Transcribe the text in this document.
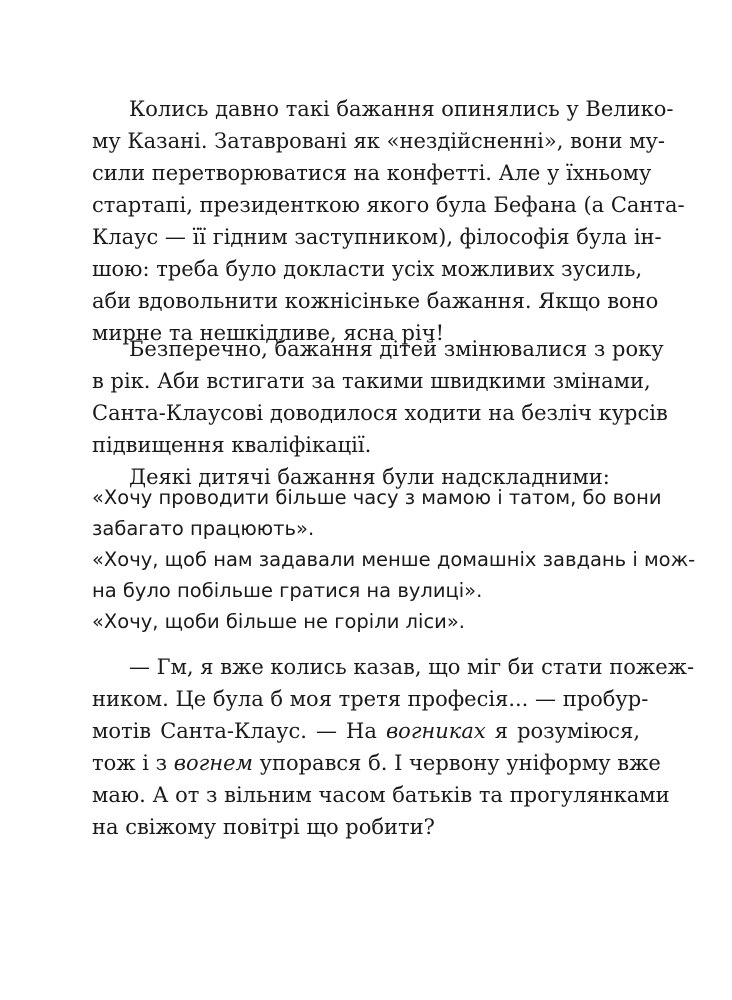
Колись давно такі бажання опинялись у Велико-
му Казані. Затавровані як «нездійсненні», вони му-
сили перетворюватися на конфетті. Але у їхньому
стартапі, президенткою якого була Бефана (а Санта-
Клаус — її гідним заступником), філософія була ін-
шою: треба було докласти усіх можливих зусиль,
аби вдовольнити кожнісіньке бажання. Якщо воно
мирне та нешкідливе, ясна річ!
Безперечно, бажання дітей змінювалися з року
в рік. Аби встигати за такими швидкими змінами,
Санта-Клаусові доводилося ходити на безліч курсів
підвищення кваліфікації.
Деякі дитячі бажання були надскладними:
«Хочу проводити більше часу з мамою і татом, бо вони
забагато працюють».
«Хочу, щоб нам задавали менше домашніх завдань і мож-
на було побільше гратися на вулиці».
«Хочу, щоби більше не горіли ліси».
— Гм, я вже колись казав, що міг би стати пожеж-
ником. Це була б моя третя професія... — пробур-
мотів Санта-Клаус. — На вогниках я розуміюся,
тож і з вогнем упорався б. І червону уніформу вже
маю. А от з вільним часом батьків та прогулянками
на свіжому повітрі що робити?
